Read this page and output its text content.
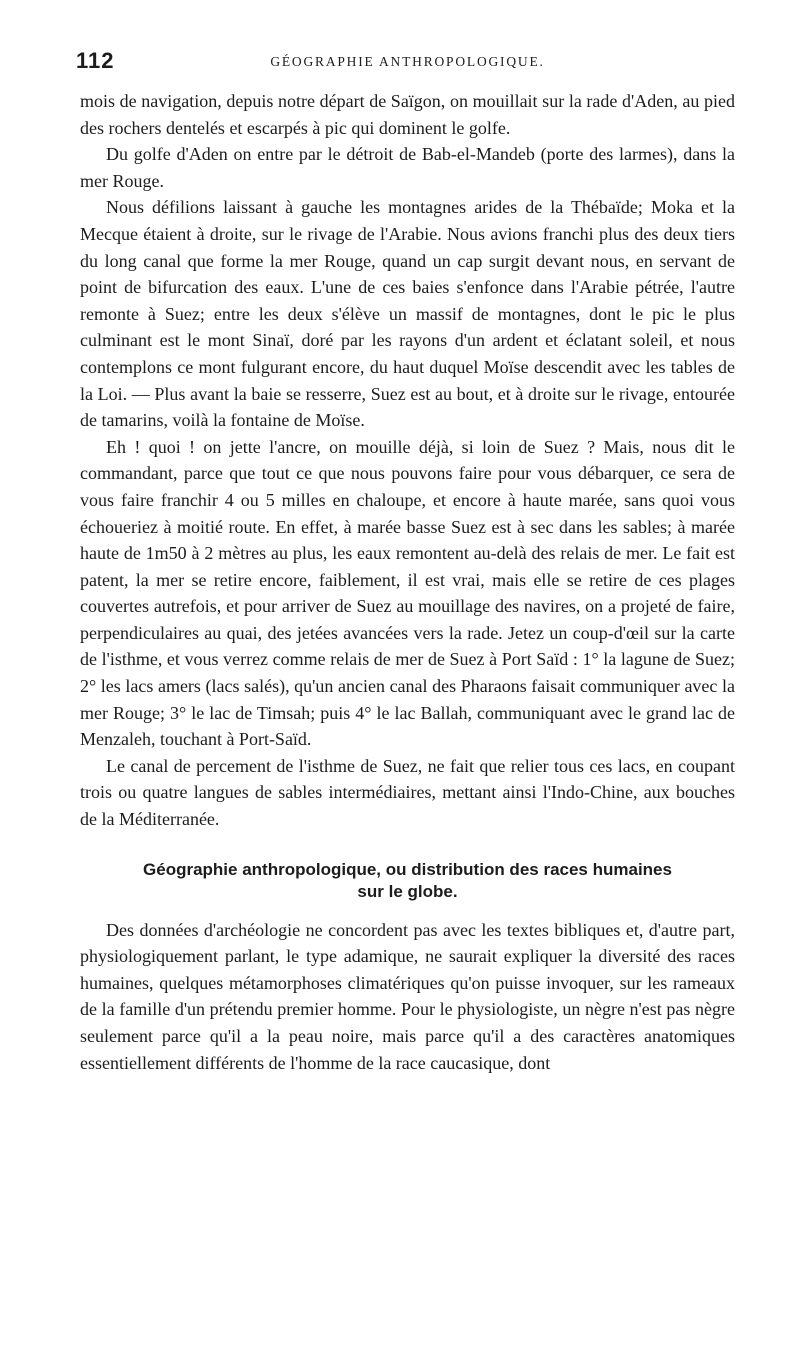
112	GÉOGRAPHIE ANTHROPOLOGIQUE.

mois de navigation, depuis notre départ de Saïgon, on mouillait sur la rade d'Aden, au pied des rochers dentelés et escarpés à pic qui dominent le golfe.

Du golfe d'Aden on entre par le détroit de Bab-el-Mandeb (porte des larmes), dans la mer Rouge.

Nous défilions laissant à gauche les montagnes arides de la Thébaïde; Moka et la Mecque étaient à droite, sur le rivage de l'Arabie. Nous avions franchi plus des deux tiers du long canal que forme la mer Rouge, quand un cap surgit devant nous, en servant de point de bifurcation des eaux. L'une de ces baies s'enfonce dans l'Arabie pétrée, l'autre remonte à Suez; entre les deux s'élève un massif de montagnes, dont le pic le plus culminant est le mont Sinaï, doré par les rayons d'un ardent et éclatant soleil, et nous contemplons ce mont fulgurant encore, du haut duquel Moïse descendit avec les tables de la Loi. — Plus avant la baie se resserre, Suez est au bout, et à droite sur le rivage, entourée de tamarins, voilà la fontaine de Moïse.

Eh ! quoi ! on jette l'ancre, on mouille déjà, si loin de Suez ? Mais, nous dit le commandant, parce que tout ce que nous pouvons faire pour vous débarquer, ce sera de vous faire franchir 4 ou 5 milles en chaloupe, et encore à haute marée, sans quoi vous échoueriez à moitié route. En effet, à marée basse Suez est à sec dans les sables; à marée haute de 1m50 à 2 mètres au plus, les eaux remontent au-delà des relais de mer. Le fait est patent, la mer se retire encore, faiblement, il est vrai, mais elle se retire de ces plages couvertes autrefois, et pour arriver de Suez au mouillage des navires, on a projeté de faire, perpendiculaires au quai, des jetées avancées vers la rade. Jetez un coup-d'œil sur la carte de l'isthme, et vous verrez comme relais de mer de Suez à Port Saïd : 1° la lagune de Suez; 2° les lacs amers (lacs salés), qu'un ancien canal des Pharaons faisait communiquer avec la mer Rouge; 3° le lac de Timsah; puis 4° le lac Ballah, communiquant avec le grand lac de Menzaleh, touchant à Port-Saïd.

Le canal de percement de l'isthme de Suez, ne fait que relier tous ces lacs, en coupant trois ou quatre langues de sables intermédiaires, mettant ainsi l'Indo-Chine, aux bouches de la Méditerranée.

Géographie anthropologique, ou distribution des races humaines
sur le globe.

Des données d'archéologie ne concordent pas avec les textes bibliques et, d'autre part, physiologiquement parlant, le type adamique, ne saurait expliquer la diversité des races humaines, quelques métamorphoses climatériques qu'on puisse invoquer, sur les rameaux de la famille d'un prétendu premier homme. Pour le physiologiste, un nègre n'est pas nègre seulement parce qu'il a la peau noire, mais parce qu'il a des caractères anatomiques essentiellement différents de l'homme de la race caucasique, dont
